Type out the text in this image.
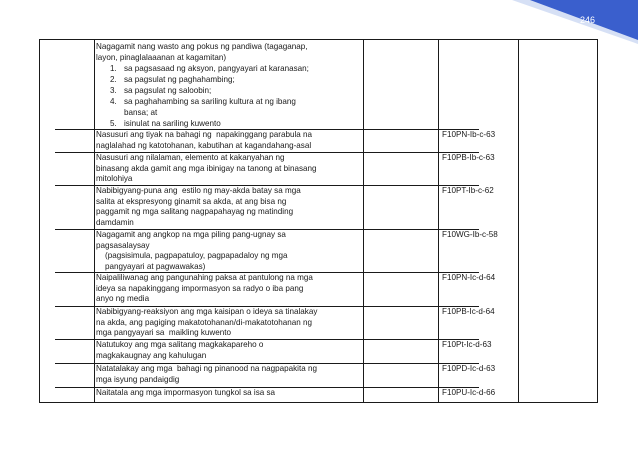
246
Nagagamit nang wasto ang pokus ng pandiwa (tagaganap,
layon, pinaglalaaanan at kagamitan)
1. sa pagsasaad ng aksyon, pangyayari at karanasan;
2. sa pagsulat ng paghahambing;
3. sa pagsulat ng saloobin;
4. sa paghahambing sa sariling kultura at ng ibang
bansa; at
5. isinulat na sariling kuwento
Nasusuri ang tiyak na bahagi ng  napakinggang parabula na
naglalahad ng katotohanan, kabutihan at kagandahang-asal
F10PN-Ib-c-63
Nasusuri ang nilalaman, elemento at kakanyahan ng
binasang akda gamit ang mga ibinigay na tanong at binasang
mitolohiya
F10PB-Ib-c-63
Nabibigyang-puna ang  estilo ng may-akda batay sa mga
salita at ekspresyong ginamit sa akda, at ang bisa ng
paggamit ng mga salitang nagpapahayag ng matinding
damdamin
F10PT-Ib-c-62
Nagagamit ang angkop na mga piling pang-ugnay sa
pagsasalaysay
(pagsisimula, pagpapatuloy, pagpapadaloy ng mga
pangyayari at pagwawakas)
F10WG-Ib-c-58
Naipaliliwanag ang pangunahing paksa at pantulong na mga
ideya sa napakinggang impormasyon sa radyo o iba pang
anyo ng media
F10PN-Ic-d-64
Nabibigyang-reaksiyon ang mga kaisipan o ideya sa tinalakay
na akda, ang pagiging makatotohanan/di-makatotohanan ng
mga pangyayari sa  maikling kuwento
F10PB-Ic-d-64
Natutukoy ang mga salitang magkakapareho o
magkakaugnay ang kahulugan
F10Pt-Ic-d-63
Natatalakay ang mga  bahagi ng pinanood na nagpapakita ng
mga isyung pandaigdig
F10PD-Ic-d-63
Naitatala ang mga impormasyon tungkol sa isa sa	F10PU-Ic-d-66
